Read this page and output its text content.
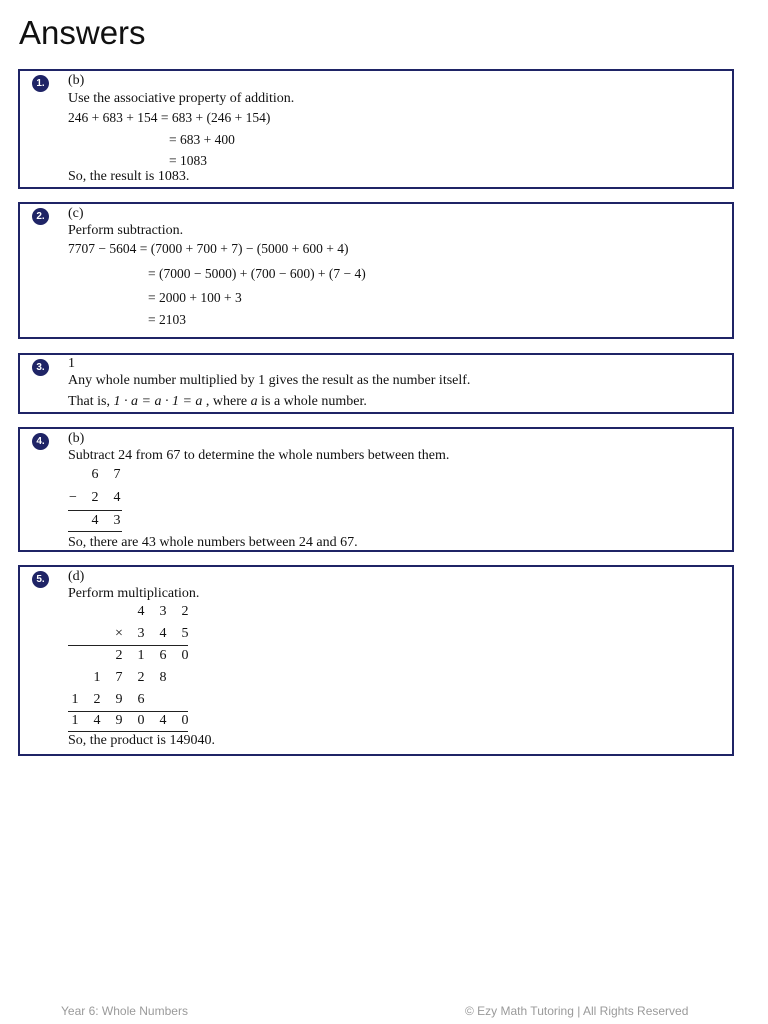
Answers
1.	(b)
Use the associative property of addition.
246 + 683 + 154 = 683 + (246 + 154)
= 683 + 400
= 1083
So, the result is 1083.
2.	(c)
Perform subtraction.
7707 − 5604 = (7000 + 700 + 7) − (5000 + 600 + 4)
= (7000 − 5000) + (700 − 600) + (7 − 4)
= 2000 + 100 + 3
= 2103
3.	1
Any whole number multiplied by 1 gives the result as the number itself.
That is, 1 · a = a · 1 = a , where a is a whole number.
4.	(b)
Subtract 24 from 67 to determine the whole numbers between them.
6 7
− 2 4
4 3
So, there are 43 whole numbers between 24 and 67.
5.	(d)
Perform multiplication.
4 3 2
× 3 4 5
2 1 6 0
1 7 2 8
1 2 9 6
1 4 9 0 4 0
So, the product is 149040.
Year 6: Whole Numbers	© Ezy Math Tutoring | All Rights Reserved
